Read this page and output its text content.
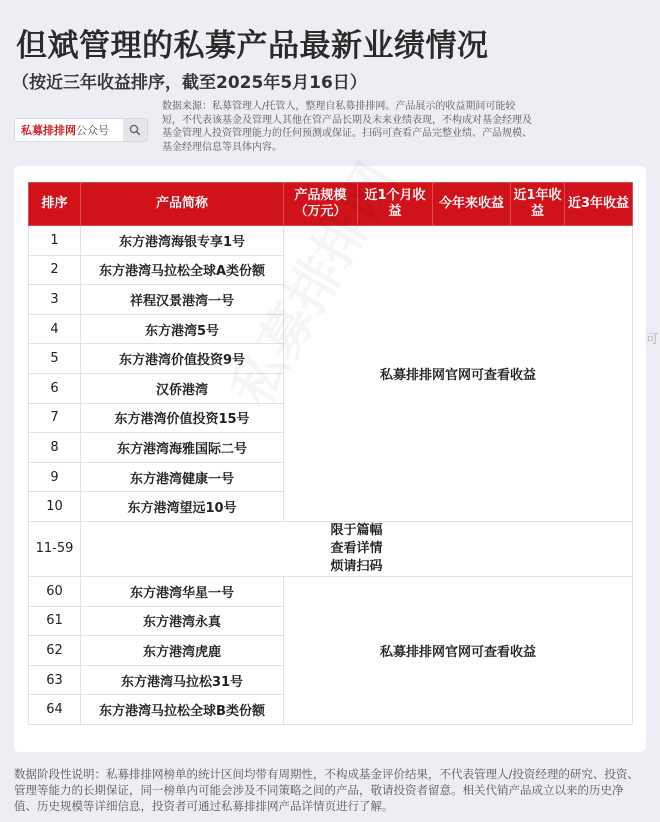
但斌管理的私募产品最新业绩情况
（按近三年收益排序，截至2025年5月16日）
私募排排网 公众号
数据来源：私募管理人/托管人，整理自私募排排网。产品展示的收益期间可能较短，不代表该基金及管理人其他在管产品长期及未来业绩表现，不构成对基金经理及基金管理人投资管理能力的任何预测或保证。扫码可查看产品完整业绩、产品规模、基金经理信息等具体内容。
排序	产品简称	产品规模（万元）	近1个月收益	今年来收益	近1年收益	近3年收益
1	东方港湾海银专享1号	私募排排网官网可查看收益				
2	东方港湾马拉松全球A类份额					
3	祥程汉景港湾一号					
4	东方港湾5号					
5	东方港湾价值投资9号					
6	汉侨港湾					
7	东方港湾价值投资15号					
8	东方港湾海雅国际二号					
9	东方港湾健康一号					
10	东方港湾望远10号					
11-59	限于篇幅
查看详情
烦请扫码					

60	东方港湾华星一号	私募排排网官网可查看收益				
61	东方港湾永真					
62	东方港湾虎鹿					
63	东方港湾马拉松31号					
64	东方港湾马拉松全球B类份额					
可
数据阶段性说明：私募排排网榜单的统计区间均带有周期性，不构成基金评价结果，不代表管理人/投资经理的研究、投资、管理等能力的长期保证，同一榜单内可能会涉及不同策略之间的产品，敬请投资者留意。相关代销产品成立以来的历史净值、历史规模等详细信息，投资者可通过私募排排网产品详情页进行了解。
